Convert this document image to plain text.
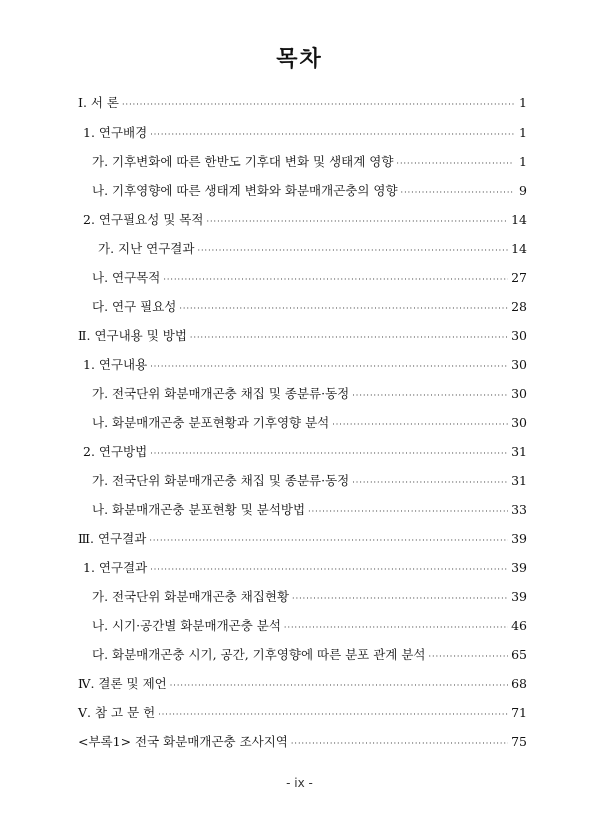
목차
I. 서 론 ·····	1
1. 연구배경 ·····	1
가. 기후변화에 따른 한반도 기후대 변화 및 생태계 영향 ·····	1
나. 기후영향에 따른 생태계 변화와 화분매개곤충의 영향 ·····	9
2. 연구필요성 및 목적 ·····	14
가. 지난 연구결과 ·····	14
나. 연구목적 ·····	27
다. 연구 필요성 ·····	28
Ⅱ. 연구내용 및 방법 ·····	30
1. 연구내용 ·····	30
가. 전국단위 화분매개곤충 채집 및 종분류·동정 ·····	30
나. 화분매개곤충 분포현황과 기후영향 분석 ·····	30
2. 연구방법 ·····	31
가. 전국단위 화분매개곤충 채집 및 종분류·동정 ·····	31
나. 화분매개곤충 분포현황 및 분석방법 ·····	33
Ⅲ. 연구결과 ·····	39
1. 연구결과 ·····	39
가. 전국단위 화분매개곤충 채집현황 ·····	39
나. 시기·공간별 화분매개곤충 분석 ·····	46
다. 화분매개곤충 시기, 공간, 기후영향에 따른 분포 관계 분석 ·····	65
Ⅳ. 결론 및 제언 ·····	68
Ⅴ. 참 고 문 헌 ·····	71
<부록1> 전국 화분매개곤충 조사지역 ·····	75
- ix -
